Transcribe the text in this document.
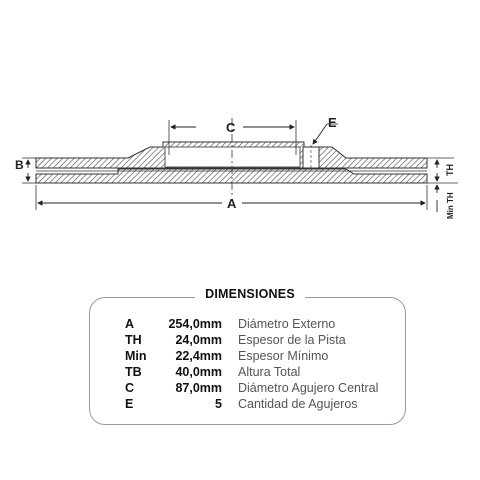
C	E
B
A
TH
Min TH
DIMENSIONES
A	254,0mm Diámetro Externo
TH	24,0mm Espesor de la Pista
Min	22,4mm Espesor Mínimo
TB	40,0mm Altura Total
C	87,0mm Diámetro Agujero Central
E	5 Cantidad de Agujeros
